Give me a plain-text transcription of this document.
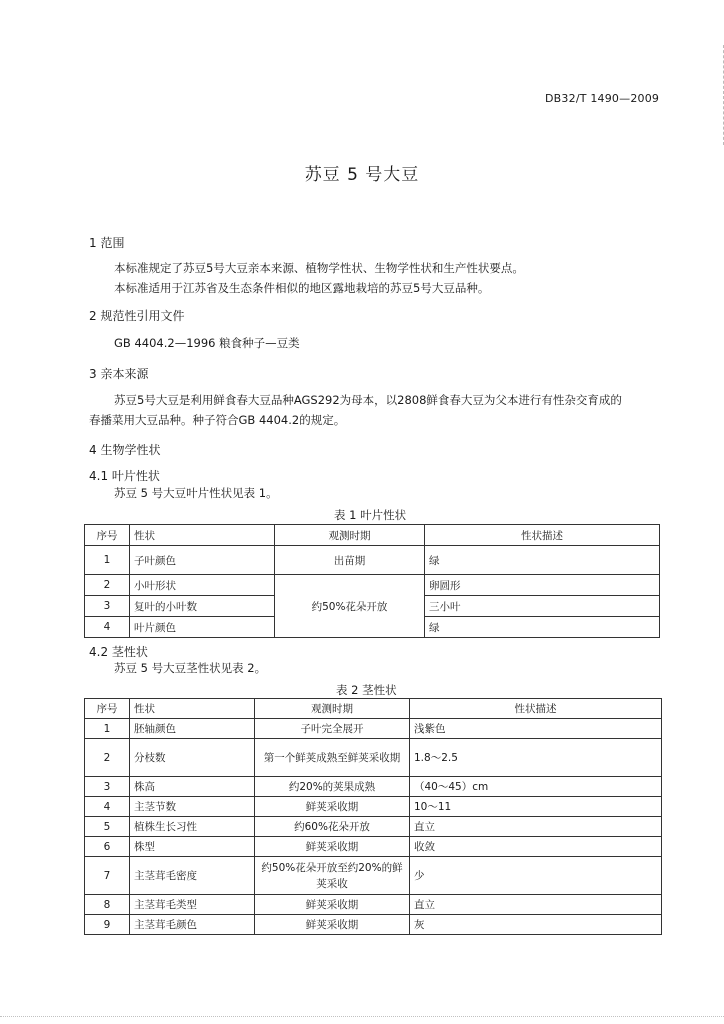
DB32/T 1490—2009
苏豆 5 号大豆
1 范围
本标准规定了苏豆5号大豆亲本来源、植物学性状、生物学性状和生产性状要点。
本标准适用于江苏省及生态条件相似的地区露地栽培的苏豆5号大豆品种。
2 规范性引用文件
GB 4404.2—1996 粮食种子—豆类
3 亲本来源
苏豆5号大豆是利用鲜食春大豆品种AGS292为母本，以2808鲜食春大豆为父本进行有性杂交育成的
春播菜用大豆品种。种子符合GB 4404.2的规定。
4 生物学性状
4.1 叶片性状
苏豆 5 号大豆叶片性状见表 1。
表 1 叶片性状
序号	性状	观测时期	性状描述
1	子叶颜色	出苗期	绿
2	小叶形状	约50%花朵开放	卵圆形
3	复叶的小叶数		三小叶
4	叶片颜色		绿
4.2 茎性状
苏豆 5 号大豆茎性状见表 2。
表 2 茎性状
序号	性状	观测时期	性状描述
1	胚轴颜色	子叶完全展开	浅紫色
2	分枝数	第一个鲜荚成熟至鲜荚采收期	1.8～2.5
3	株高	约20%的荚果成熟	（40～45）cm
4	主茎节数	鲜荚采收期	10～11
5	植株生长习性	约60%花朵开放	直立
6	株型	鲜荚采收期	收敛
7	主茎茸毛密度	约50%花朵开放至约20%的鲜荚采收	少
8	主茎茸毛类型	鲜荚采收期	直立
9	主茎茸毛颜色	鲜荚采收期	灰
